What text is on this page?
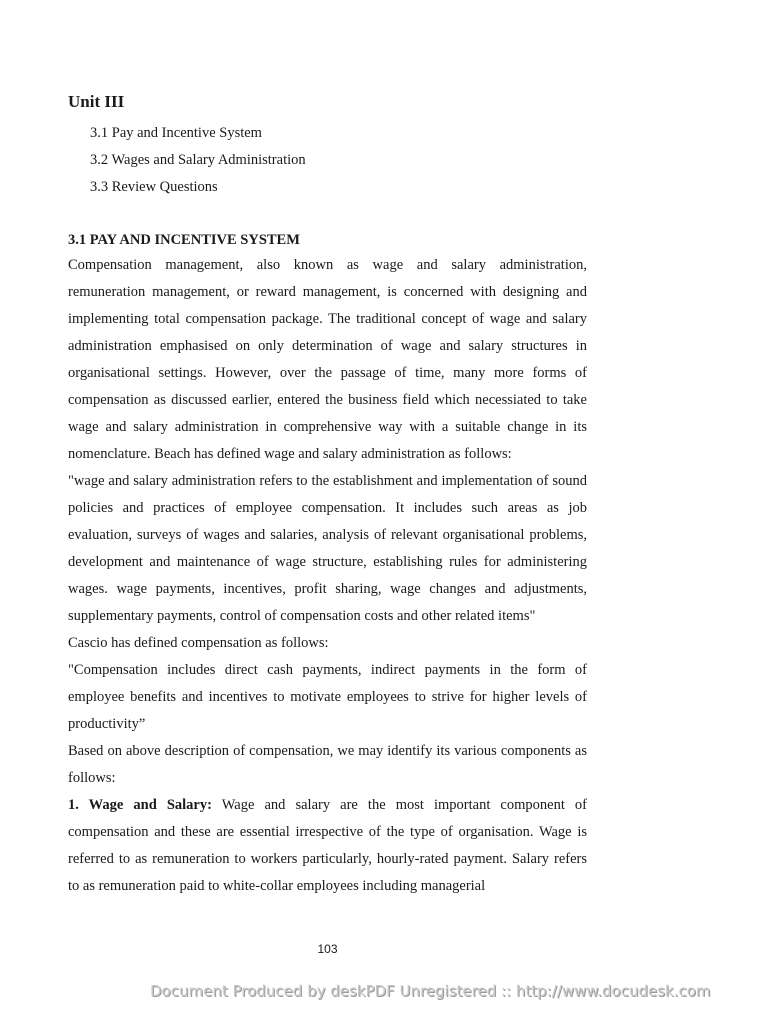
Unit III
3.1 Pay and Incentive System
3.2 Wages and Salary Administration
3.3 Review Questions
3.1 PAY AND INCENTIVE SYSTEM

Compensation management, also known as wage and salary administration, remuneration management, or reward management, is concerned with designing and implementing total compensation package. The traditional concept of wage and salary administration emphasised on only determination of wage and salary structures in organisational settings. However, over the passage of time, many more forms of compensation as discussed earlier, entered the business field which necessiated to take wage and salary administration in comprehensive way with a suitable change in its nomenclature. Beach has defined wage and salary administration as follows:

"wage and salary administration refers to the establishment and implementation of sound policies and practices of employee compensation. It includes such areas as job evaluation, surveys of wages and salaries, analysis of relevant organisational problems, development and maintenance of wage structure, establishing rules for administering wages. wage payments, incentives, profit sharing, wage changes and adjustments, supplementary payments, control of compensation costs and other related items"

Cascio has defined compensation as follows:

"Compensation includes direct cash payments, indirect payments in the form of employee benefits and incentives to motivate employees to strive for higher levels of productivity”

Based on above description of compensation, we may identify its various components as follows:

1. Wage and Salary: Wage and salary are the most important component of compensation and these are essential irrespective of the type of organisation. Wage is referred to as remuneration to workers particularly, hourly-rated payment. Salary refers to as remuneration paid to white-collar employees including managerial

103
Document Produced by deskPDF Unregistered :: http://www.docudesk.com
